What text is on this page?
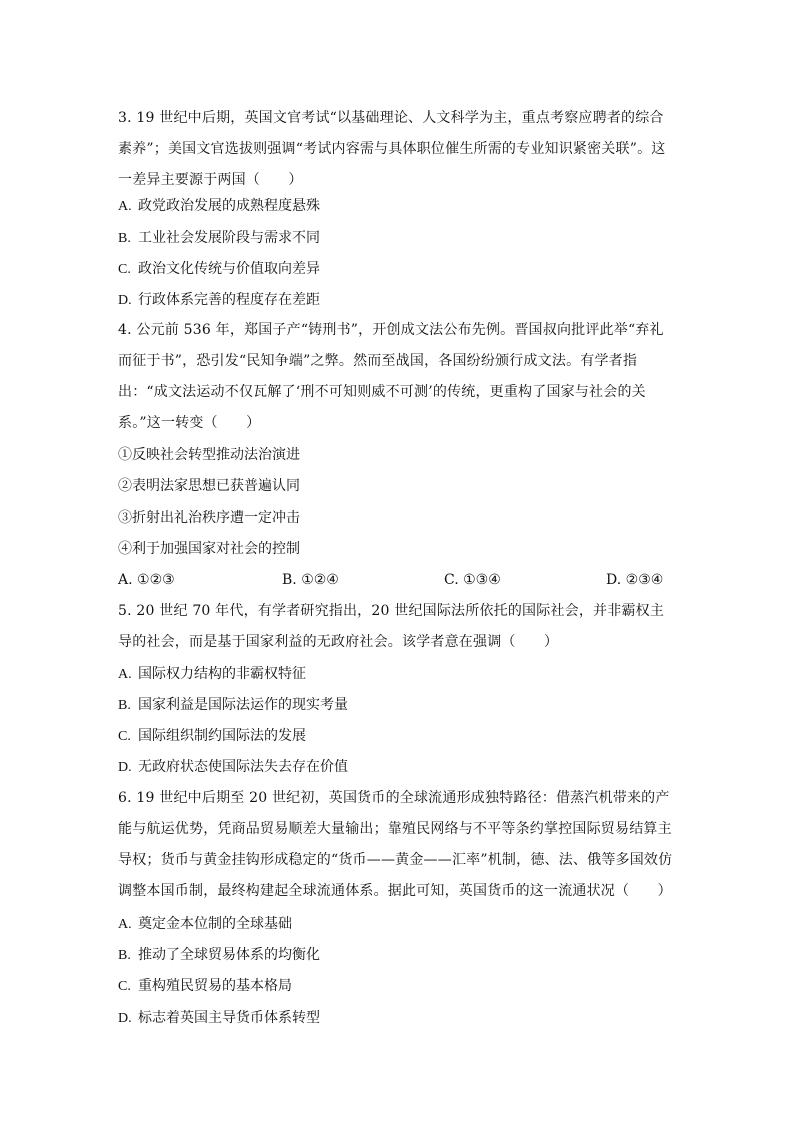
3. 19 世纪中后期，英国文官考试“以基础理论、人文科学为主，重点考察应聘者的综合素养”；美国文官选拔则强调“考试内容需与具体职位催生所需的专业知识紧密关联”。这一差异主要源于两国（　　）

A. 政党政治发展的成熟程度悬殊
B. 工业社会发展阶段与需求不同
C. 政治文化传统与价值取向差异
D. 行政体系完善的程度存在差距

4. 公元前 536 年，郑国子产“铸刑书”，开创成文法公布先例。晋国叔向批评此举“弃礼而征于书”，恐引发“民知争端”之弊。然而至战国，各国纷纷颁行成文法。有学者指出：“成文法运动不仅瓦解了‘刑不可知则威不可测’的传统，更重构了国家与社会的关系。”这一转变（　　）

①反映社会转型推动法治演进
②表明法家思想已获普遍认同
③折射出礼治秩序遭一定冲击
④利于加强国家对社会的控制
A. ①②③	B. ①②④	C. ①③④	D. ②③④

5. 20 世纪 70 年代，有学者研究指出，20 世纪国际法所依托的国际社会，并非霸权主导的社会，而是基于国家利益的无政府社会。该学者意在强调（　　）

A. 国际权力结构的非霸权特征
B. 国家利益是国际法运作的现实考量
C. 国际组织制约国际法的发展
D. 无政府状态使国际法失去存在价值

6. 19 世纪中后期至 20 世纪初，英国货币的全球流通形成独特路径：借蒸汽机带来的产能与航运优势，凭商品贸易顺差大量输出；靠殖民网络与不平等条约掌控国际贸易结算主导权；货币与黄金挂钩形成稳定的“货币——黄金——汇率”机制，德、法、俄等多国效仿调整本国币制，最终构建起全球流通体系。据此可知，英国货币的这一流通状况（　　）

A. 奠定金本位制的全球基础
B. 推动了全球贸易体系的均衡化
C. 重构殖民贸易的基本格局
D. 标志着英国主导货币体系转型
